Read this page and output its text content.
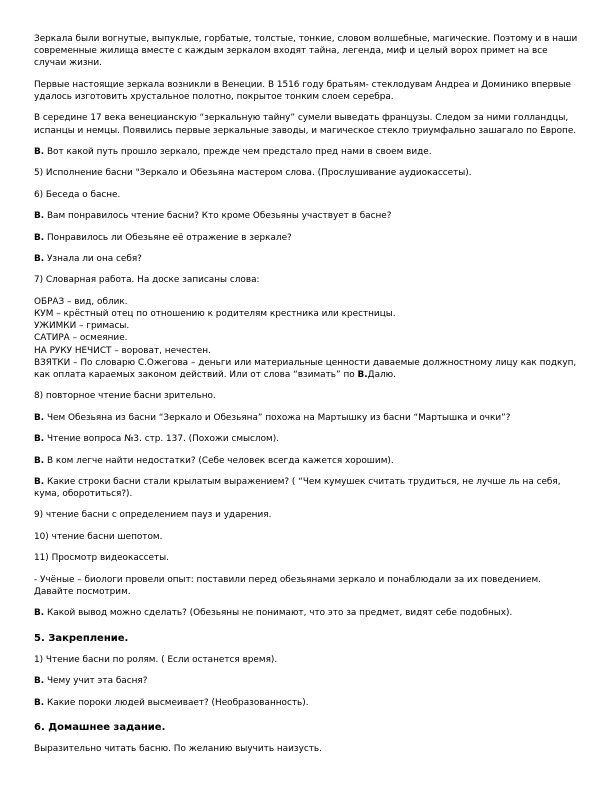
Зеркала были вогнутые, выпуклые, горбатые, толстые, тонкие, словом волшебные, магические. Поэтому и в наши современные жилища вместе с каждым зеркалом входят тайна, легенда, миф и целый ворох примет на все случаи жизни.

Первые настоящие зеркала возникли в Венеции. В 1516 году братьям- стеклодувам Андреа и Доминико впервые удалось изготовить хрустальное полотно, покрытое тонким слоем серебра.

В середине 17 века венецианскую “зеркальную тайну” сумели выведать французы. Следом за ними голландцы, испанцы и немцы. Появились первые зеркальные заводы, и магическое стекло триумфально зашагало по Европе.

В. Вот какой путь прошло зеркало, прежде чем предстало пред нами в своем виде.

5) Исполнение басни "Зеркало и Обезьяна мастером слова. (Прослушивание аудиокассеты).

6) Беседа о басне.

В. Вам понравилось чтение басни? Кто кроме Обезьяны участвует в басне?

В. Понравилось ли Обезьяне её отражение в зеркале?

В. Узнала ли она себя?

7) Словарная работа. На доске записаны слова:

ОБРАЗ – вид, облик.
КУМ – крёстный отец по отношению к родителям крестника или крестницы.
УЖИМКИ – гримасы.
САТИРА – осмеяние.
НА РУКУ НЕЧИСТ – вороват, нечестен.
ВЗЯТКИ – По словарю С.Ожегова – деньги или материальные ценности даваемые должностному лицу как подкуп, как оплата караемых законом действий. Или от слова “взимать” по В.Далю.

8) повторное чтение басни зрительно.

В. Чем Обезьяна из басни “Зеркало и Обезьяна” похожа на Мартышку из басни “Мартышка и очки”?

В. Чтение вопроса №3. стр. 137. (Похожи смыслом).

В. В ком легче найти недостатки? (Себе человек всегда кажется хорошим).

В. Какие строки басни стали крылатым выражением? ( “Чем кумушек считать трудиться, не лучше ль на себя, кума, оборотиться?).

9) чтение басни с определением пауз и ударения.

10) чтение басни шепотом.

11) Просмотр видеокассеты.

- Учёные – биологи провели опыт: поставили перед обезьянами зеркало и понаблюдали за их поведением. Давайте посмотрим.

В. Какой вывод можно сделать? (Обезьяны не понимают, что это за предмет, видят себе подобных).

5. Закрепление.

1) Чтение басни по ролям. ( Если останется время).

В. Чему учит эта басня?

В. Какие пороки людей высмеивает? (Необразованность).

6. Домашнее задание.

Выразительно читать басню. По желанию выучить наизусть.
